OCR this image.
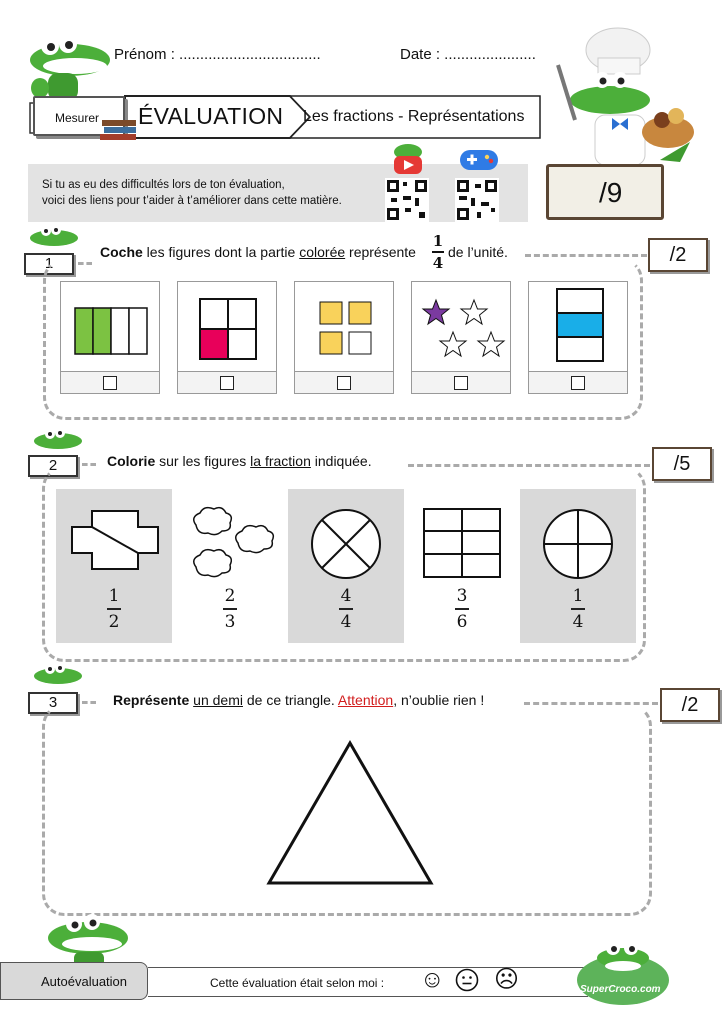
Prénom : ..................................	Date : ......................
Mesurer ÉVALUATION Les fractions - Représentations
Si tu as eu des difficultés lors de ton évaluation,
voici des liens pour t’aider à t’améliorer dans cette matière.	/9
1
Coche les figures dont la partie colorée représente
1
4
de l’unité.	/2
2	Colorie sur les figures la fraction indiquée.	/5
1
2
2
3
4
4
3
6
1
4
3	Représente un demi de ce triangle. Attention, n’oublie rien !	/2
Autoévaluation	Cette évaluation était selon moi : ☺ ☹	SuperCroco.com
